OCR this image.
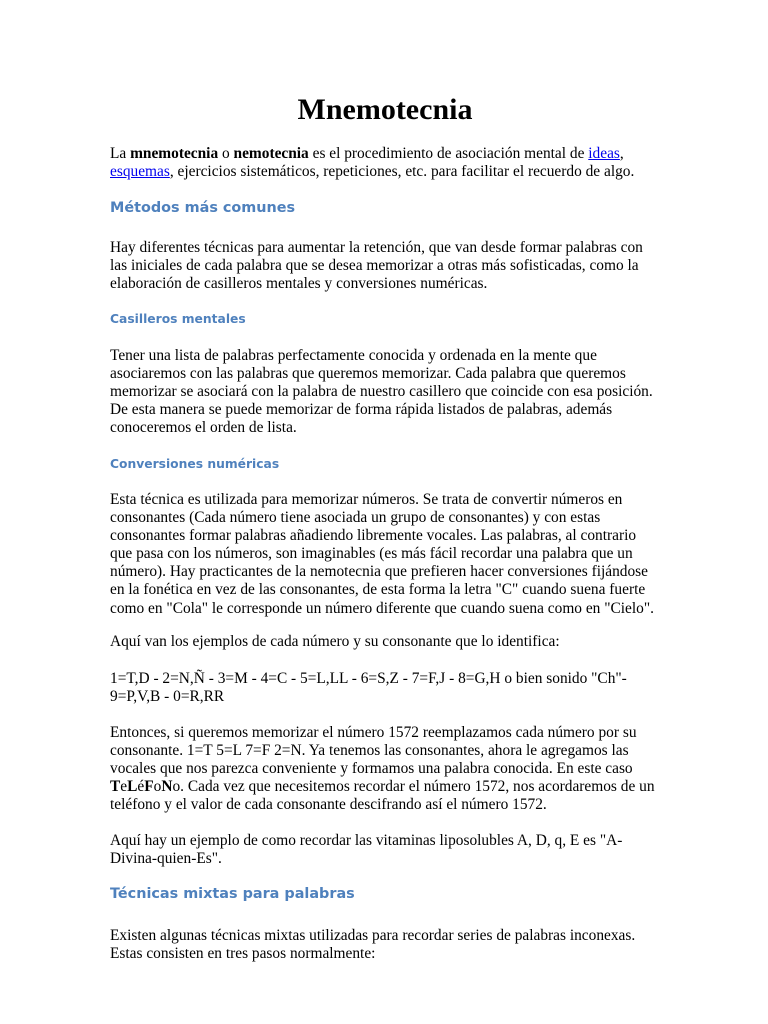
Mnemotecnia

La mnemotecnia o nemotecnia es el procedimiento de asociación mental de ideas, esquemas, ejercicios sistemáticos, repeticiones, etc. para facilitar el recuerdo de algo.

Métodos más comunes

Hay diferentes técnicas para aumentar la retención, que van desde formar palabras con las iniciales de cada palabra que se desea memorizar a otras más sofisticadas, como la elaboración de casilleros mentales y conversiones numéricas.

Casilleros mentales

Tener una lista de palabras perfectamente conocida y ordenada en la mente que asociaremos con las palabras que queremos memorizar. Cada palabra que queremos memorizar se asociará con la palabra de nuestro casillero que coincide con esa posición. De esta manera se puede memorizar de forma rápida listados de palabras, además conoceremos el orden de lista.

Conversiones numéricas

Esta técnica es utilizada para memorizar números. Se trata de convertir números en consonantes (Cada número tiene asociada un grupo de consonantes) y con estas consonantes formar palabras añadiendo libremente vocales. Las palabras, al contrario que pasa con los números, son imaginables (es más fácil recordar una palabra que un número). Hay practicantes de la nemotecnia que prefieren hacer conversiones fijándose en la fonética en vez de las consonantes, de esta forma la letra "C" cuando suena fuerte como en "Cola" le corresponde un número diferente que cuando suena como en "Cielo".

Aquí van los ejemplos de cada número y su consonante que lo identifica:

1=T,D - 2=N,Ñ - 3=M - 4=C - 5=L,LL - 6=S,Z - 7=F,J - 8=G,H o bien sonido "Ch"- 9=P,V,B - 0=R,RR

Entonces, si queremos memorizar el número 1572 reemplazamos cada número por su consonante. 1=T 5=L 7=F 2=N. Ya tenemos las consonantes, ahora le agregamos las vocales que nos parezca conveniente y formamos una palabra conocida. En este caso TeLéFoNo. Cada vez que necesitemos recordar el número 1572, nos acordaremos de un teléfono y el valor de cada consonante descifrando así el número 1572.

Aquí hay un ejemplo de como recordar las vitaminas liposolubles A, D, q, E es "A-Divina-quien-Es".

Técnicas mixtas para palabras

Existen algunas técnicas mixtas utilizadas para recordar series de palabras inconexas. Estas consisten en tres pasos normalmente:
